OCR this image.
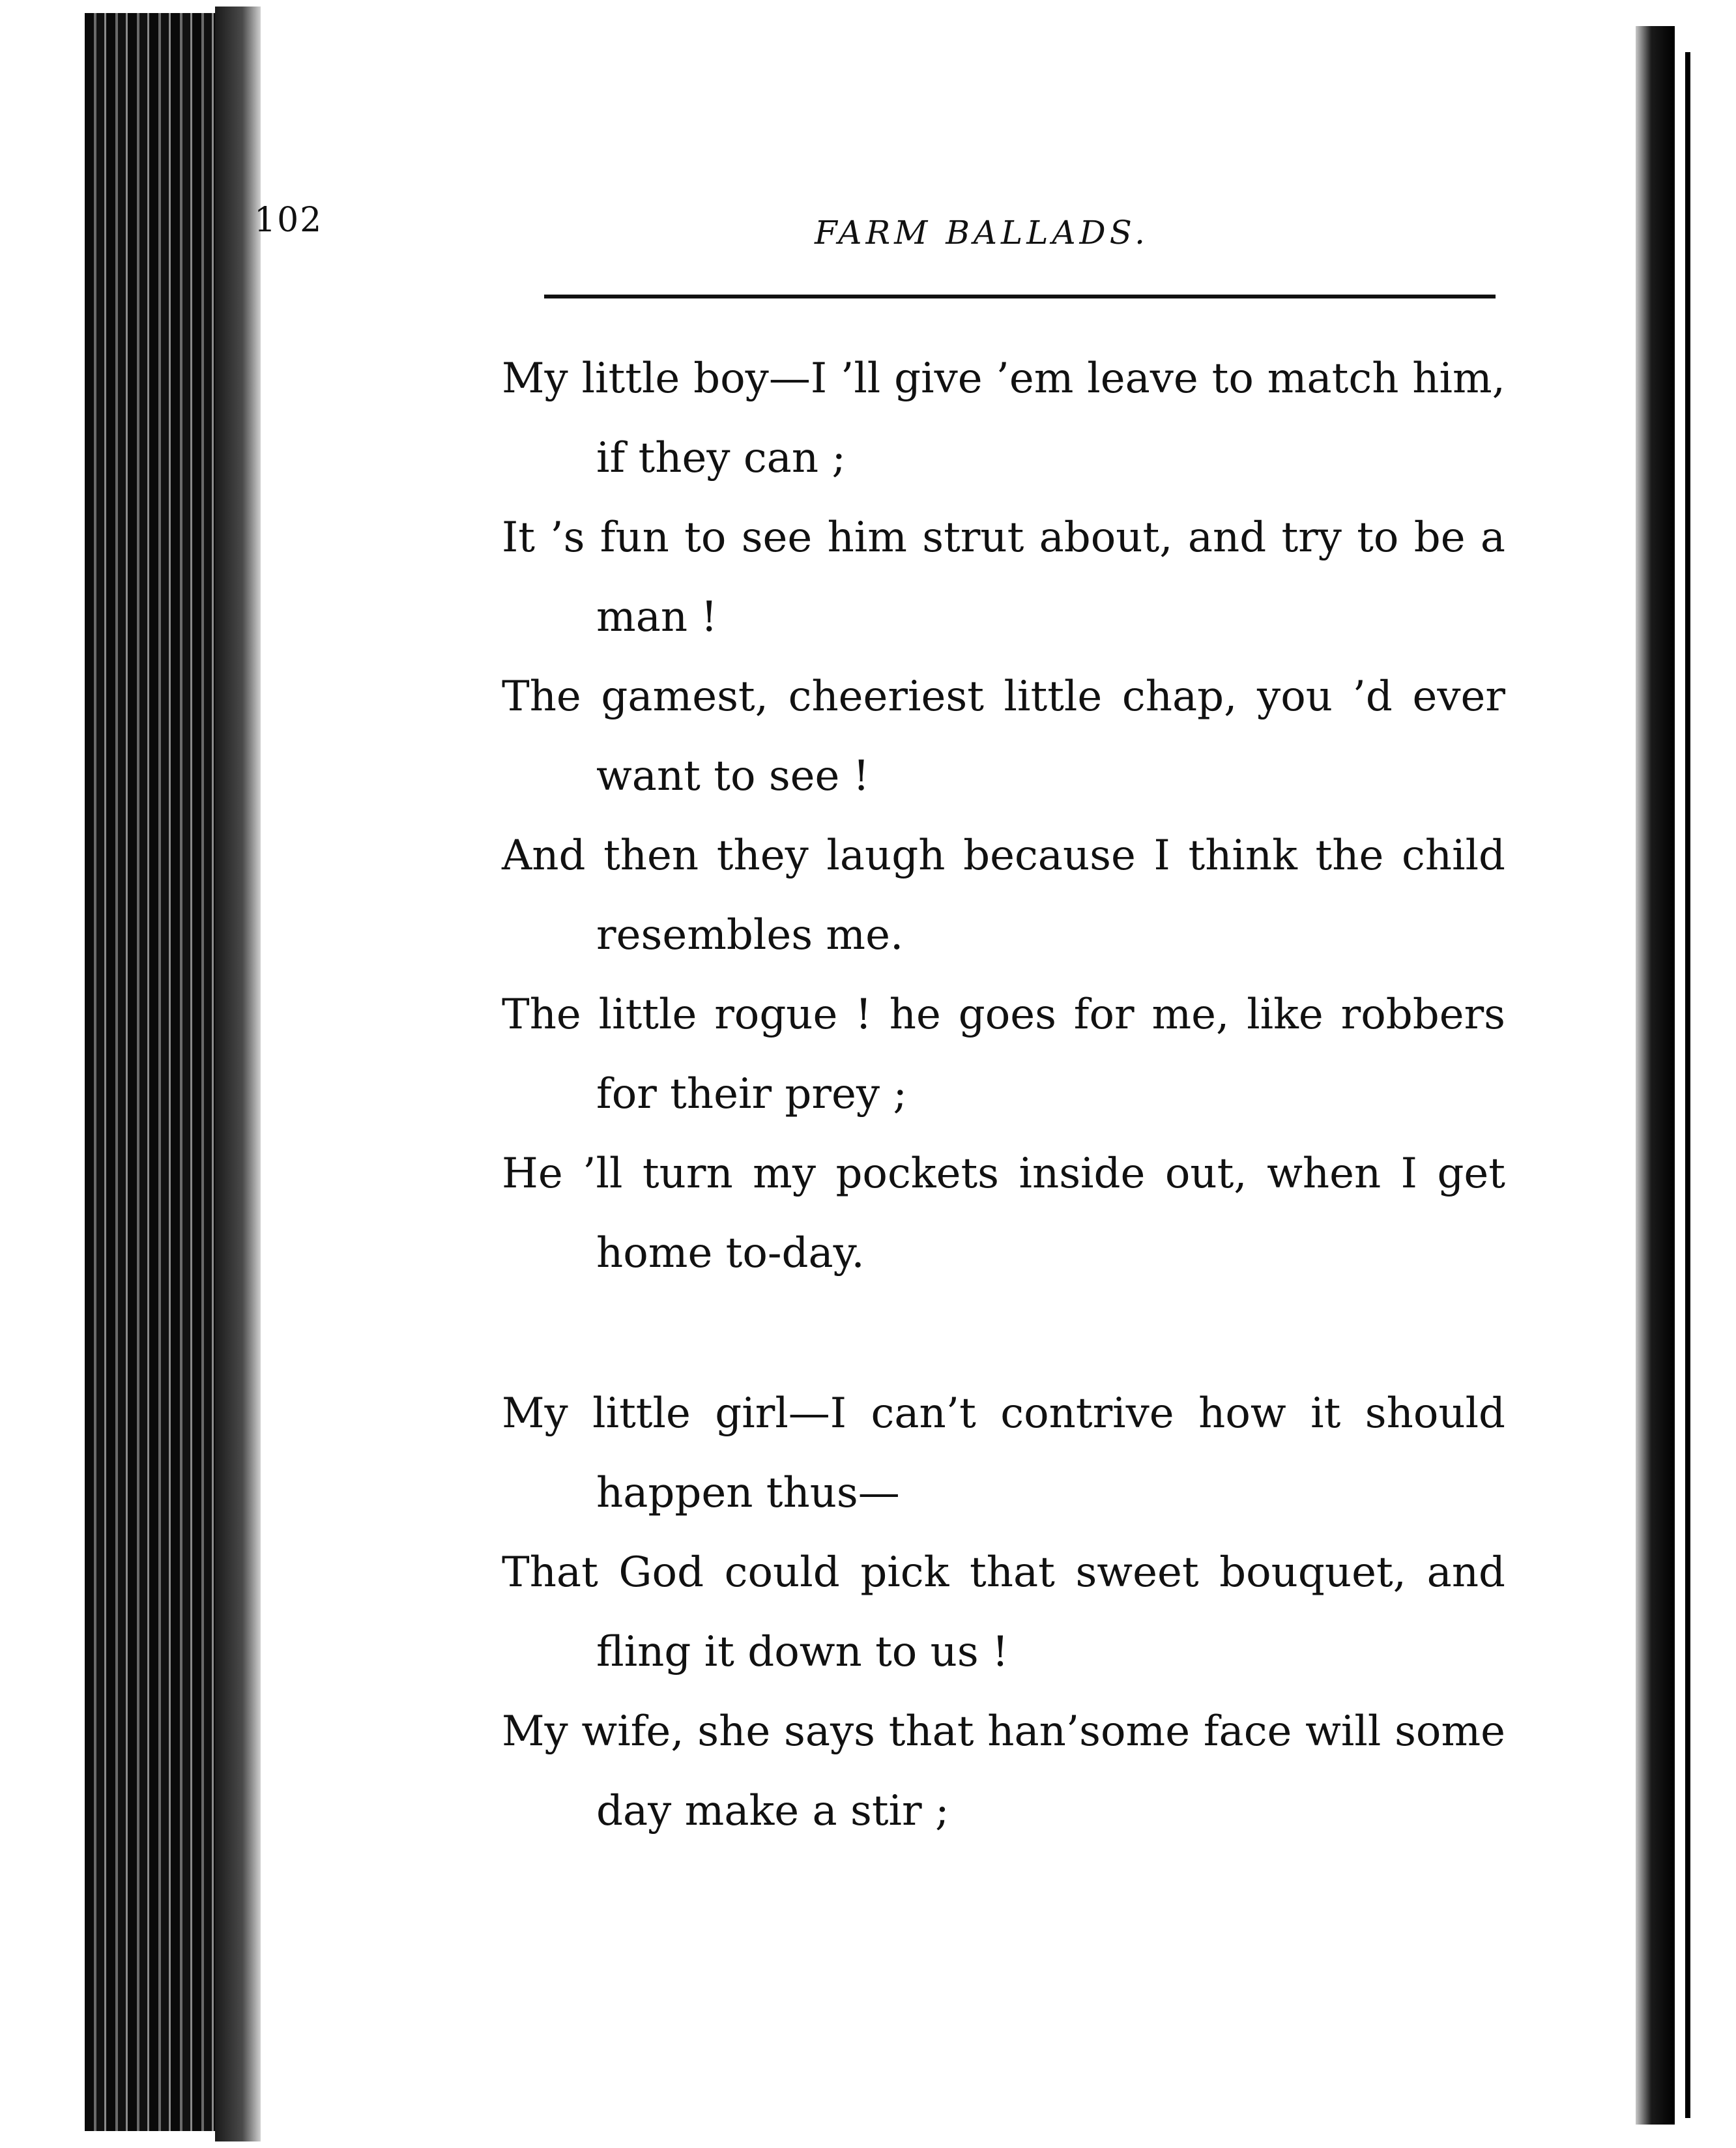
102	FARM BALLADS.
My little boy—I ’ll give ’em leave to match him,
if they can ;
It ’s fun to see him strut about, and try to be a
man !
The gamest, cheeriest little chap, you ’d ever
want to see !
And then they laugh because I think the child
resembles me.
The little rogue ! he goes for me, like robbers
for their prey ;
He ’ll turn my pockets inside out, when I get
home to-day.
My little girl—I can’t contrive how it should
happen thus—
That God could pick that sweet bouquet, and
fling it down to us !
My wife, she says that han’some face will some
day make a stir ;
